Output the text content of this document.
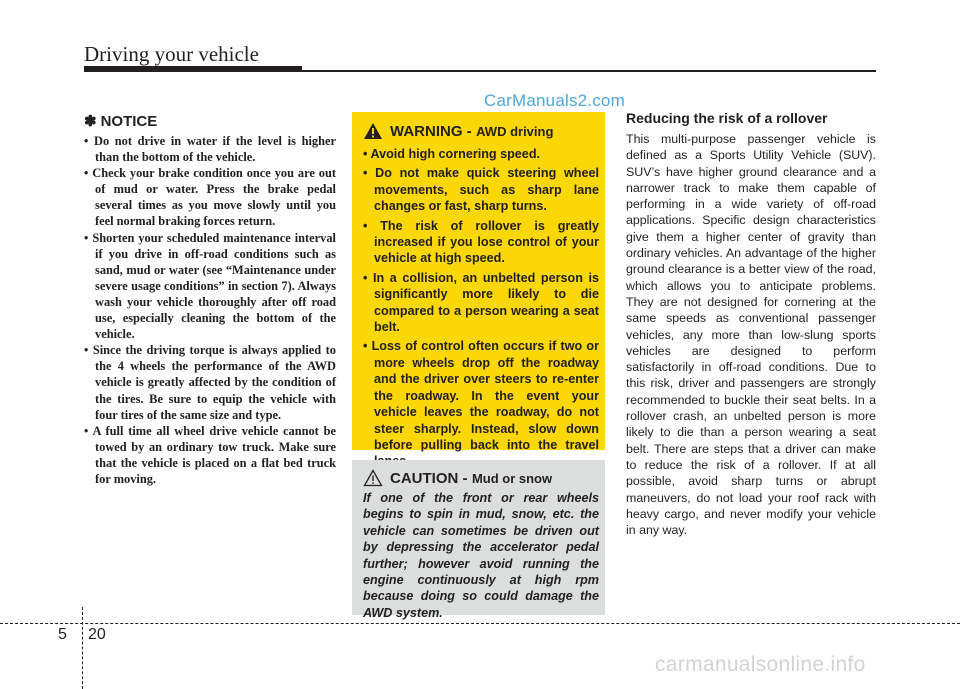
Driving your vehicle
CarManuals2.com
✽ NOTICE
• Do not drive in water if the level is higher than the bottom of the vehicle.
• Check your brake condition once you are out of mud or water. Press the brake pedal several times as you move slowly until you feel normal braking forces return.
• Shorten your scheduled maintenance interval if you drive in off-road conditions such as sand, mud or water (see “Maintenance under severe usage conditions” in section 7). Always wash your vehicle thoroughly after off road use, especially cleaning the bottom of the vehicle.
• Since the driving torque is always applied to the 4 wheels the performance of the AWD vehicle is greatly affected by the condition of the tires. Be sure to equip the vehicle with four tires of the same size and type.
• A full time all wheel drive vehicle cannot be towed by an ordinary tow truck. Make sure that the vehicle is placed on a flat bed truck for moving.
WARNING -
AWD driving
• Avoid high cornering speed.
• Do not make quick steering wheel movements, such as sharp lane changes or fast, sharp turns.
• The risk of rollover is greatly increased if you lose control of your vehicle at high speed.
• In a collision, an unbelted person is significantly more likely to die compared to a person wearing a seat belt.
• Loss of control often occurs if two or more wheels drop off the roadway and the driver over steers to re-enter the roadway. In the event your vehicle leaves the roadway, do not steer sharply. Instead, slow down before pulling back into the travel
CAUTION -
Mud or snow

If one of the front or rear wheels begins to spin in mud, snow, etc. the vehicle can sometimes be driven out by depressing the accelerator pedal further; however avoid running the engine continuously at high rpm because doing so could damage the AWD system.

Reducing the risk of a rollover

This multi-purpose passenger vehicle is defined as a Sports Utility Vehicle (SUV). SUV’s have higher ground clearance and a narrower track to make them capable of performing in a wide variety of off-road applications. Specific design characteristics give them a higher center of gravity than ordinary vehicles. An advantage of the higher ground clearance is a better view of the road, which allows you to anticipate problems. They are not designed for cornering at the same speeds as conventional passenger vehicles, any more than low-slung sports vehicles are designed to perform satisfactorily in off-road conditions. Due to this risk, driver and passengers are strongly recommended to buckle their seat belts. In a rollover crash, an unbelted person is more likely to die than a person wearing a seat belt. There are steps that a driver can make to reduce the risk of a rollover. If at all possible, avoid sharp turns or abrupt maneuvers, do not load your roof rack with heavy cargo, and never modify your vehicle in any way.

5 20
carmanualsonline.info
